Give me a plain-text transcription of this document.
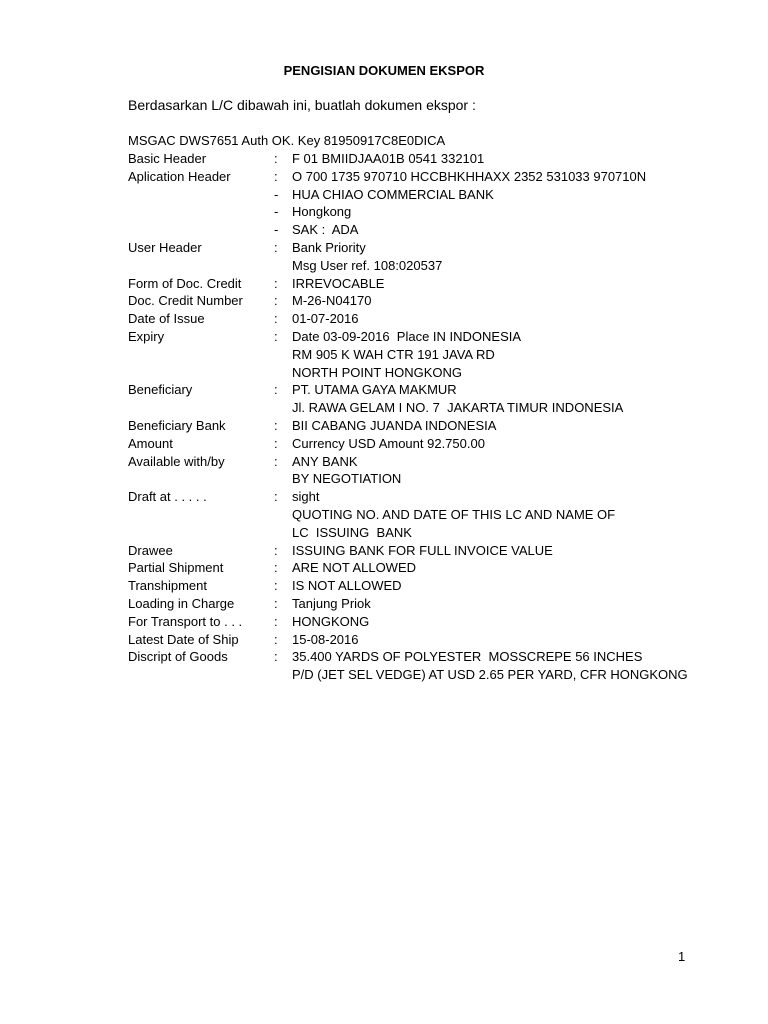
PENGISIAN DOKUMEN EKSPOR
Berdasarkan L/C dibawah ini, buatlah dokumen ekspor :
MSGAC DWS7651 Auth OK. Key 81950917C8E0DICA
Basic Header	:	F 01 BMIIDJAA01B 0541 332101
Aplication Header	:	O 700 1735 970710 HCCBHKHHAXX 2352 531033 970710N
-	HUA CHIAO COMMERCIAL BANK
-	Hongkong
-	SAK :  ADA
User Header	:	Bank Priority
Msg User ref. 108:020537
Form of Doc. Credit	:	IRREVOCABLE
Doc. Credit Number	:	M-26-N04170
Date of Issue	:	01-07-2016
Expiry	:	Date 03-09-2016  Place IN INDONESIA
RM 905 K WAH CTR 191 JAVA RD
NORTH POINT HONGKONG
Beneficiary	:	PT. UTAMA GAYA MAKMUR
Jl. RAWA GELAM I NO. 7  JAKARTA TIMUR INDONESIA
Beneficiary Bank	:	BII CABANG JUANDA INDONESIA
Amount	:	Currency USD Amount 92.750.00
Available with/by	:	ANY BANK
BY NEGOTIATION
Draft at . . . . .	:	sight
QUOTING NO. AND DATE OF THIS LC AND NAME OF
LC  ISSUING  BANK
Drawee	:	ISSUING BANK FOR FULL INVOICE VALUE
Partial Shipment	:	ARE NOT ALLOWED
Transhipment	:	IS NOT ALLOWED
Loading in Charge	:	Tanjung Priok
For Transport to . . .	:	HONGKONG
Latest Date of Ship	:	15-08-2016
Discript of Goods	:	35.400 YARDS OF POLYESTER  MOSSCREPE 56 INCHES
P/D (JET SEL VEDGE) AT USD 2.65 PER YARD, CFR HONGKONG
1
